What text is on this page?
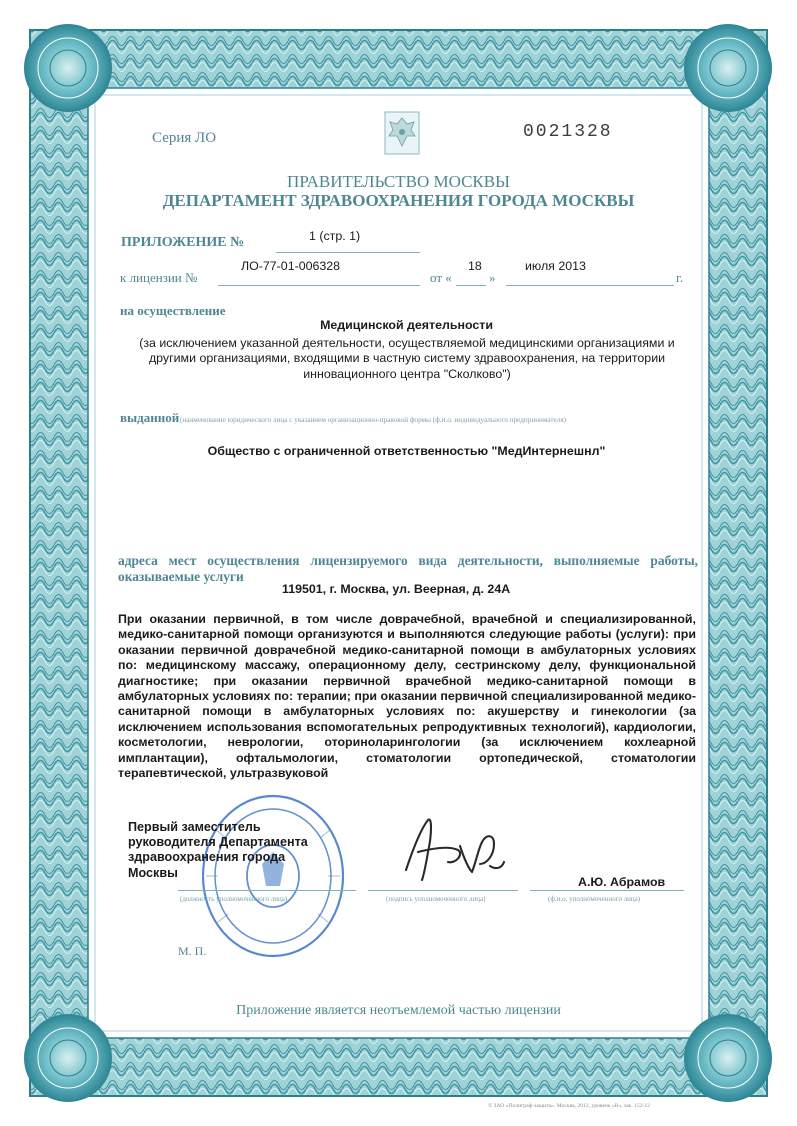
Серия ЛО	0021328
ПРАВИТЕЛЬСТВО МОСКВЫ
ДЕПАРТАМЕНТ ЗДРАВООХРАНЕНИЯ ГОРОДА МОСКВЫ
ПРИЛОЖЕНИЕ №	1 (стр. 1)
к лицензии №
ЛО-77-01-006328
от «
18
»
июля 2013
г.
на осуществление
Медицинской деятельности
(за исключением указанной деятельности, осуществляемой медицинскими организациями и другими организациями, входящими в частную систему здравоохранения, на территории инновационного центра "Сколково")
выданной (наименование юридического лица с указанием организационно-правовой формы (ф.и.о. индивидуального предпринимателя)
Общество с ограниченной ответственностью "МедИнтернешнл"
адреса мест осуществления лицензируемого вида деятельности, выполняемые работы, оказываемые услуги
119501, г. Москва, ул. Веерная, д. 24А
При оказании первичной, в том числе доврачебной, врачебной и специализированной, медико-санитарной помощи организуются и выполняются следующие работы (услуги): при оказании первичной доврачебной медико-санитарной помощи в амбулаторных условиях по: медицинскому массажу, операционному делу, сестринскому делу, функциональной диагностике; при оказании первичной врачебной медико-санитарной помощи в амбулаторных условиях по: терапии; при оказании первичной специализированной медико-санитарной помощи в амбулаторных условиях по: акушерству и гинекологии (за исключением использования вспомогательных репродуктивных технологий), кардиологии, косметологии, неврологии, оториноларингологии (за исключением кохлеарной имплантации), офтальмологии, стоматологии ортопедической, стоматологии терапевтической, ультразвуковой
Первый заместитель
руководителя Департамента
здравоохранения города
Москвы
А.Ю. Абрамов
(должность уполномоченного лица)	(подпись уполномоченного лица)	(ф.и.о. уполномоченного лица)
М. П.
Приложение является неотъемлемой частью лицензии
© ЗАО «Полиграф-защита». Москва, 2012, уровень «В», зак. 152-12
